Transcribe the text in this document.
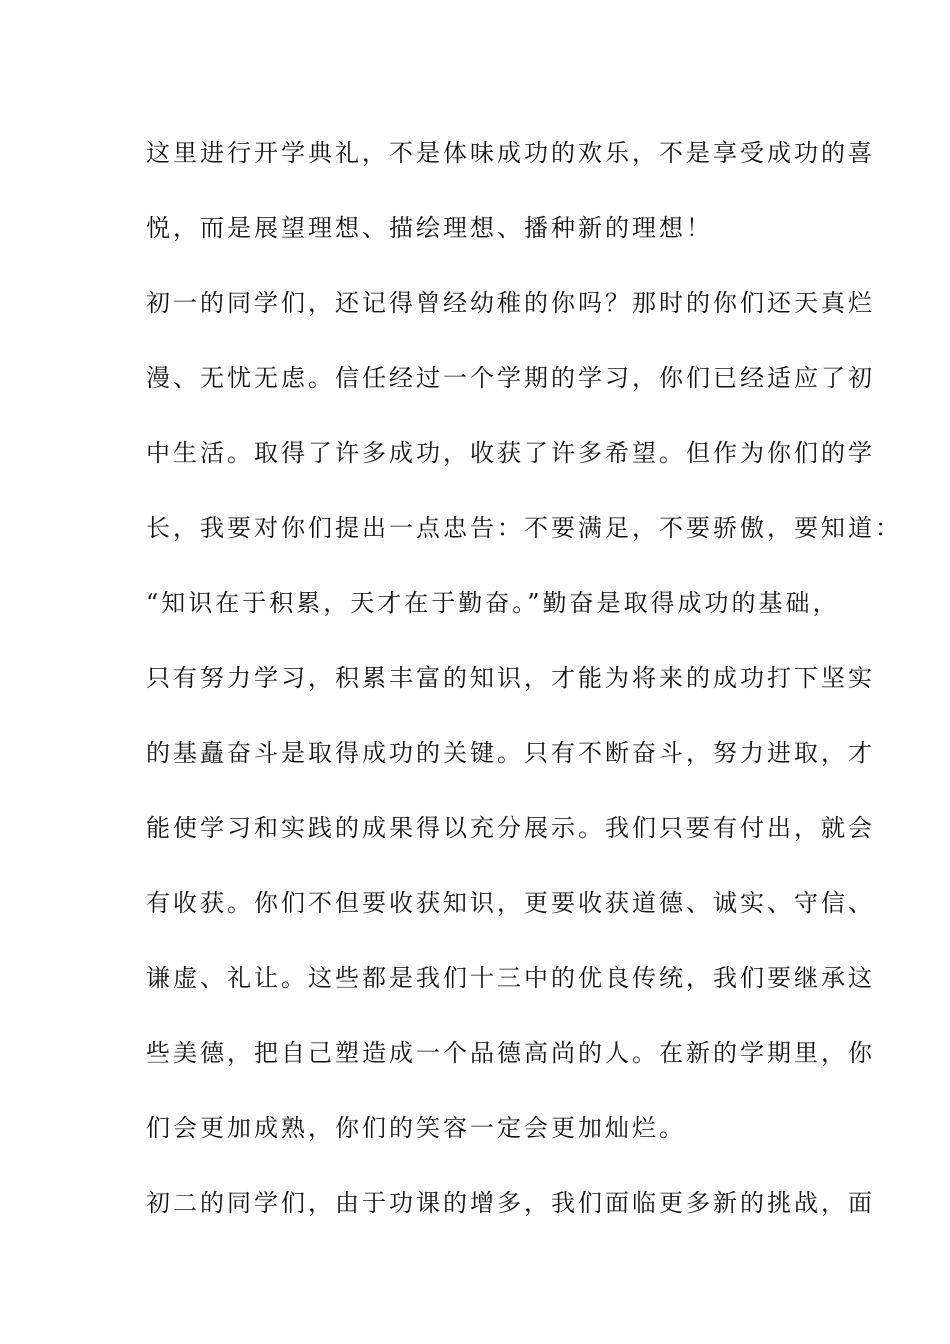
这里进行开学典礼，不是体味成功的欢乐，不是享受成功的喜

悦，而是展望理想、描绘理想、播种新的理想！

初一的同学们，还记得曾经幼稚的你吗？那时的你们还天真烂

漫、无忧无虑。信任经过一个学期的学习，你们已经适应了初

中生活。取得了许多成功，收获了许多希望。但作为你们的学

长，我要对你们提出一点忠告：不要满足，不要骄傲，要知道：

“知识在于积累，天才在于勤奋。”勤奋是取得成功的基础，

只有努力学习，积累丰富的知识，才能为将来的成功打下坚实

的基矗奋斗是取得成功的关键。只有不断奋斗，努力进取，才

能使学习和实践的成果得以充分展示。我们只要有付出，就会

有收获。你们不但要收获知识，更要收获道德、诚实、守信、

谦虚、礼让。这些都是我们十三中的优良传统，我们要继承这

些美德，把自己塑造成一个品德高尚的人。在新的学期里，你

们会更加成熟，你们的笑容一定会更加灿烂。

初二的同学们，由于功课的增多，我们面临更多新的挑战，面
